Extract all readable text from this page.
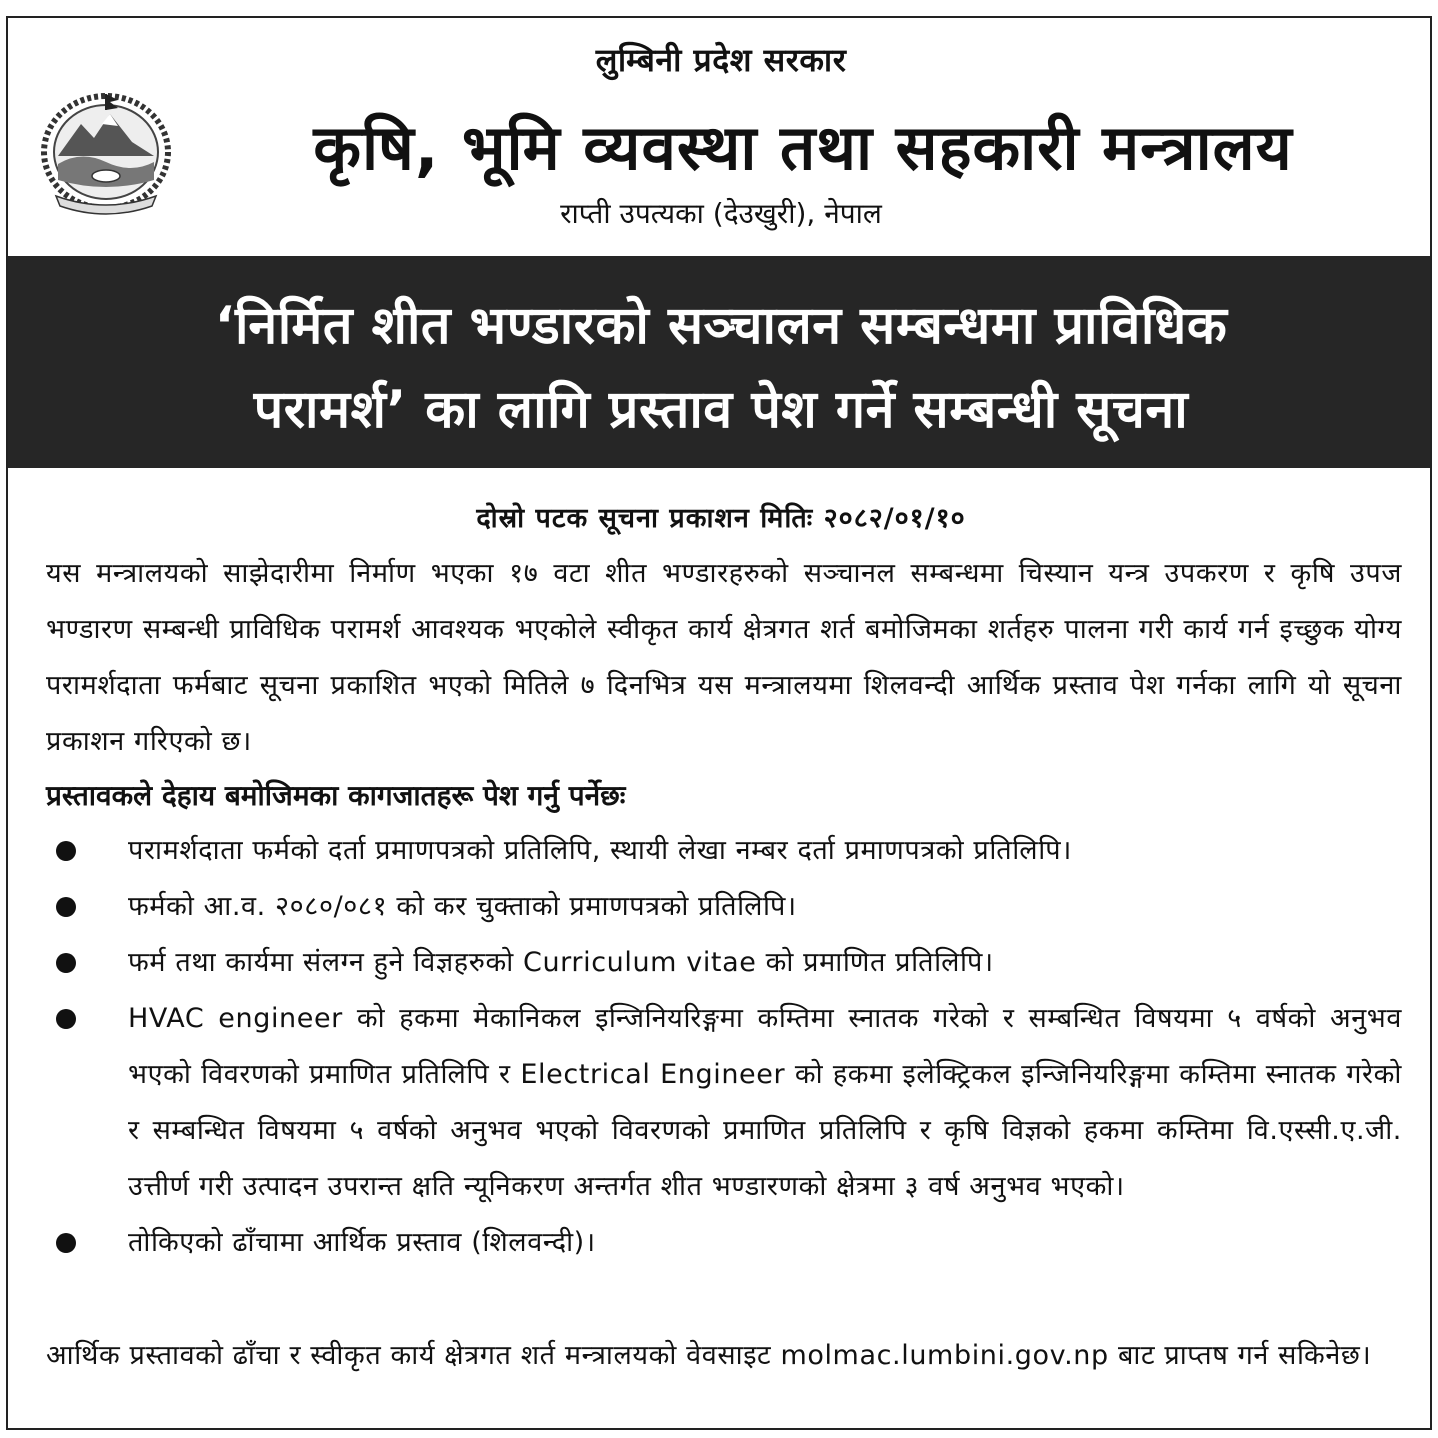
लुम्बिनी प्रदेश सरकार
कृषि, भूमि व्यवस्था तथा सहकारी मन्त्रालय
राप्ती उपत्यका (देउखुरी), नेपाल
‘निर्मित शीत भण्डारको सञ्चालन सम्बन्धमा प्राविधिक
परामर्श’ का लागि प्रस्ताव पेश गर्ने सम्बन्धी सूचना
दोस्रो पटक सूचना प्रकाशन मितिः २०८२/०१/१०

यस मन्त्रालयको साझेदारीमा निर्माण भएका १७ वटा शीत भण्डारहरुको सञ्चानल सम्बन्धमा चिस्यान यन्त्र उपकरण र कृषि उपज भण्डारण सम्बन्धी प्राविधिक परामर्श आवश्यक भएकोले स्वीकृत कार्य क्षेत्रगत शर्त बमोजिमका शर्तहरु पालना गरी कार्य गर्न इच्छुक योग्य परामर्शदाता फर्मबाट सूचना प्रकाशित भएको मितिले ७ दिनभित्र यस मन्त्रालयमा शिलवन्दी आर्थिक प्रस्ताव पेश गर्नका लागि यो सूचना प्रकाशन गरिएको छ।

प्रस्तावकले देहाय बमोजिमका कागजातहरू पेश गर्नु पर्नेछः
परामर्शदाता फर्मको दर्ता प्रमाणपत्रको प्रतिलिपि, स्थायी लेखा नम्बर दर्ता प्रमाणपत्रको प्रतिलिपि।
फर्मको आ.व. २०८०/०८१ को कर चुक्ताको प्रमाणपत्रको प्रतिलिपि।
फर्म तथा कार्यमा संलग्न हुने विज्ञहरुको Curriculum vitae को प्रमाणित प्रतिलिपि।
HVAC engineer को हकमा मेकानिकल इन्जिनियरिङ्गमा कम्तिमा स्नातक गरेको र सम्बन्धित विषयमा ५ वर्षको अनुभव भएको विवरणको प्रमाणित प्रतिलिपि र Electrical Engineer को हकमा इलेक्ट्रिकल इन्जिनियरिङ्गमा कम्तिमा स्नातक गरेको र सम्बन्धित विषयमा ५ वर्षको अनुभव भएको विवरणको प्रमाणित प्रतिलिपि र कृषि विज्ञको हकमा कम्तिमा वि.एस्सी.ए.जी. उत्तीर्ण गरी उत्पादन उपरान्त क्षति न्यूनिकरण अन्तर्गत शीत भण्डारणको क्षेत्रमा ३ वर्ष अनुभव भएको।
तोकिएको ढाँचामा आर्थिक प्रस्ताव (शिलवन्दी)।

आर्थिक प्रस्तावको ढाँचा र स्वीकृत कार्य क्षेत्रगत शर्त मन्त्रालयको वेवसाइट molmac.lumbini.gov.np बाट प्राप्तष गर्न सकिनेछ।
